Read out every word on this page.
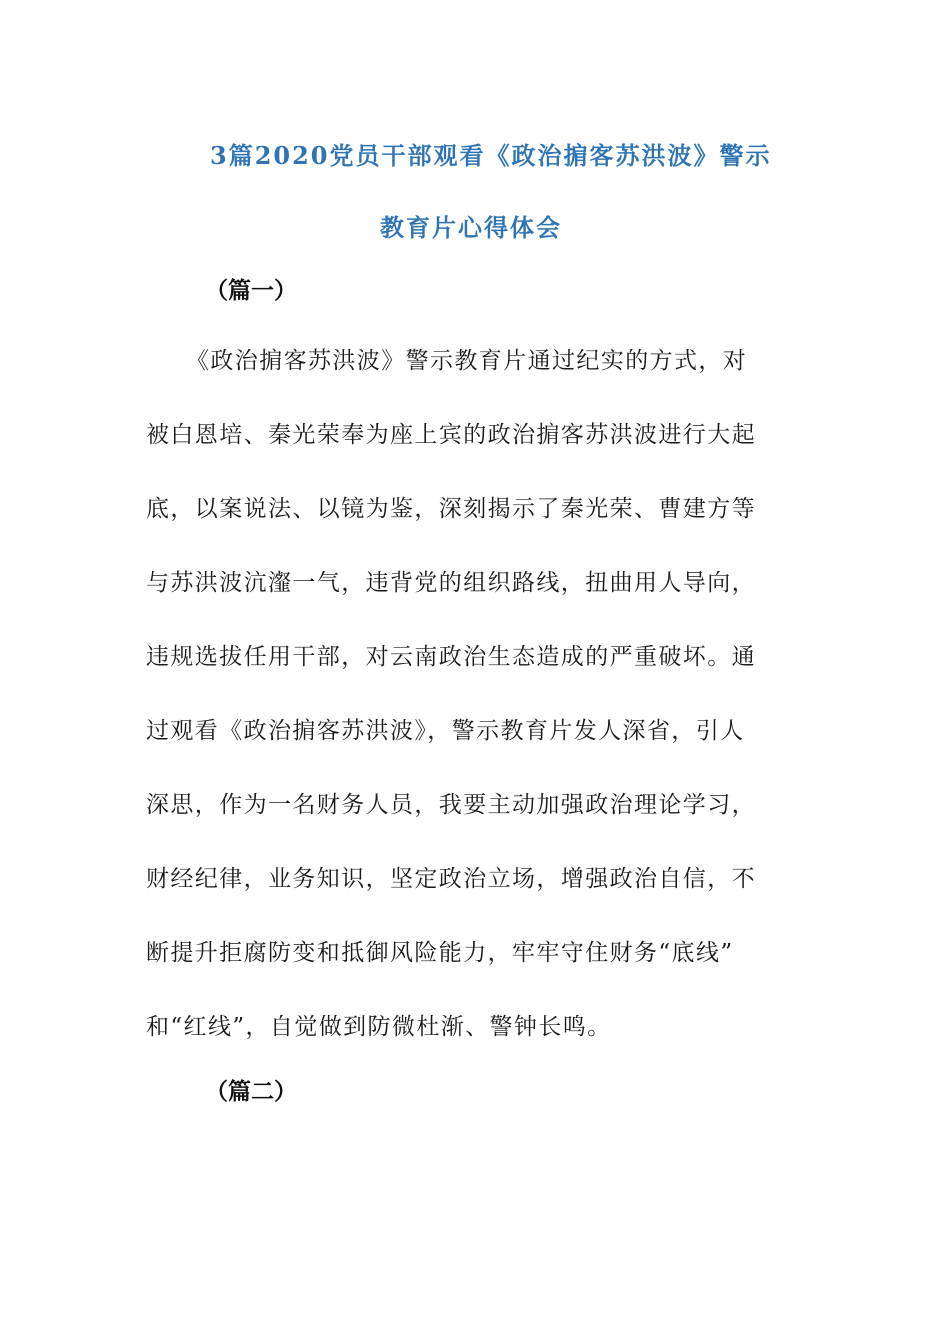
3篇2020党员干部观看《政治掮客苏洪波》警示
教育片心得体会
（篇一）
《政治掮客苏洪波》警示教育片通过纪实的方式，对
被白恩培、秦光荣奉为座上宾的政治掮客苏洪波进行大起
底，以案说法、以镜为鉴，深刻揭示了秦光荣、曹建方等
与苏洪波沆瀣一气，违背党的组织路线，扭曲用人导向，
违规选拔任用干部，对云南政治生态造成的严重破坏。通
过观看《政治掮客苏洪波》，警示教育片发人深省，引人
深思，作为一名财务人员，我要主动加强政治理论学习，
财经纪律，业务知识，坚定政治立场，增强政治自信，不
断提升拒腐防变和抵御风险能力，牢牢守住财务“底线”
和“红线”，自觉做到防微杜渐、警钟长鸣。
（篇二）
